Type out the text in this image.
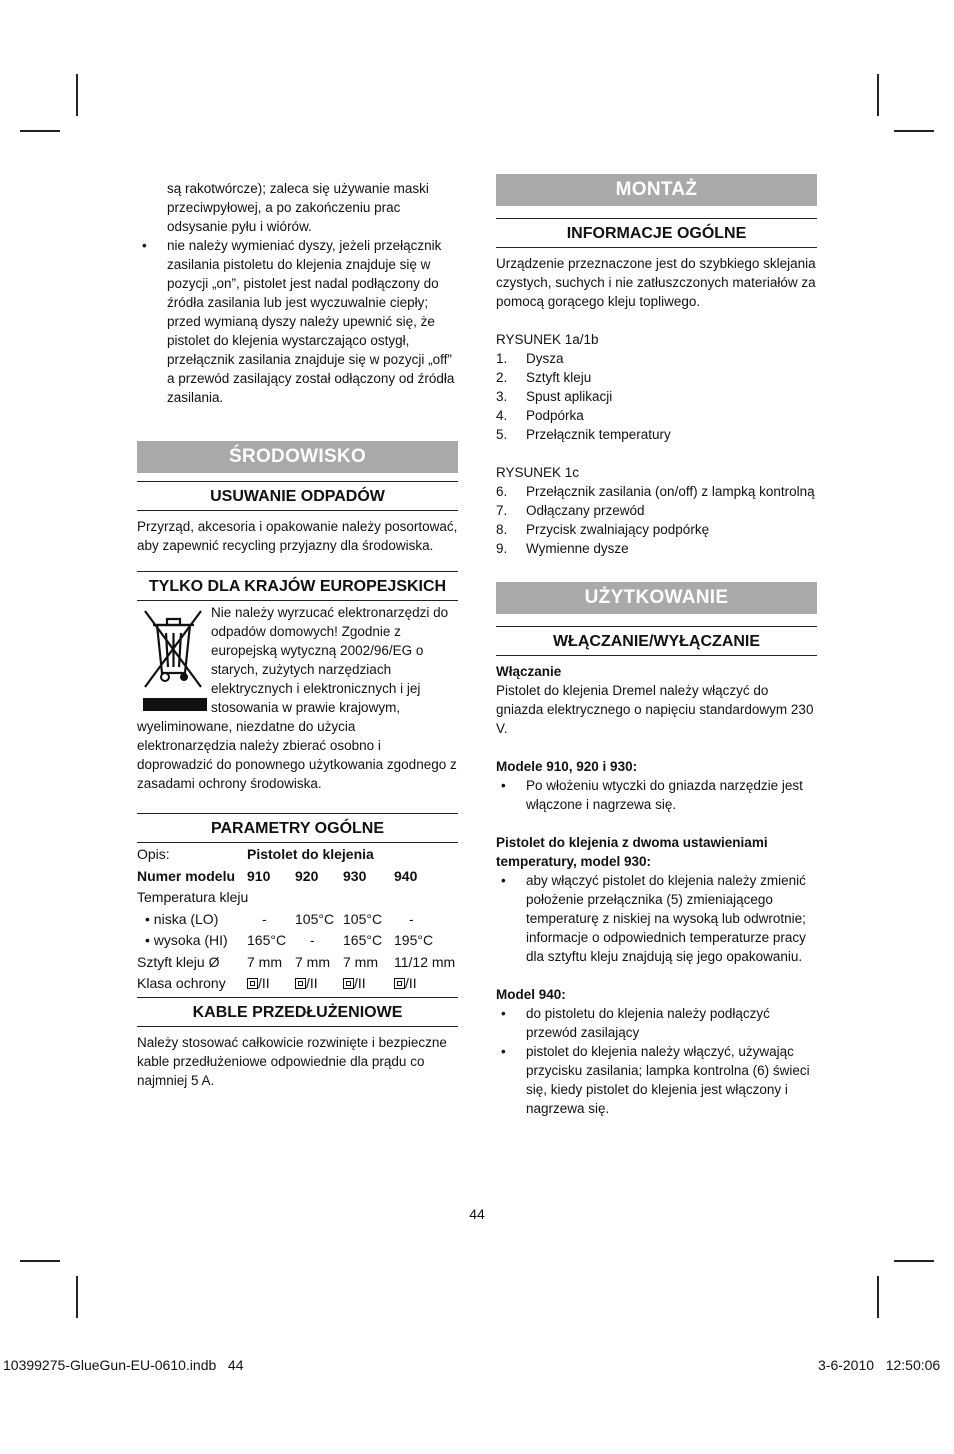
są rakotwórcze); zaleca się używanie maski przeciwpyłowej, a po zakończeniu prac odsysanie pyłu i wiórów.

• nie należy wymieniać dyszy, jeżeli przełącznik zasilania pistoletu do klejenia znajduje się w pozycji „on”, pistolet jest nadal podłączony do źródła zasilania lub jest wyczuwalnie ciepły; przed wymianą dyszy należy upewnić się, że pistolet do klejenia wystarczająco ostygł, przełącznik zasilania znajduje się w pozycji „off” a przewód zasilający został odłączony od źródła zasilania.
ŚRODOWISKO
USUWANIE ODPADÓW

Przyrząd, akcesoria i opakowanie należy posortować, aby zapewnić recycling przyjazny dla środowiska.

TYLKO DLA KRAJÓW EUROPEJSKICH

Nie należy wyrzucać elektronarzędzi do odpadów domowych! Zgodnie z europejską wytyczną 2002/96/EG o starych, zużytych narzędziach elektrycznych i elektronicznych i jej stosowania w prawie krajowym, wyeliminowane, niezdatne do użycia

elektronarzędzia należy zbierać osobno i doprowadzić do ponownego użytkowania zgodnego z zasadami ochrony środowiska.

PARAMETRY OGÓLNE
Opis:	Pistolet do klejenia			
Numer modelu	910	920	930	940
Temperatura kleju				
• niska (LO)	-	105°C	105°C	-
• wysoka (HI)	165°C	-	165°C	195°C
Sztyft kleju Ø	7 mm	7 mm	7 mm	11/12 mm
Klasa ochrony	/II	/II	/II	/II
KABLE PRZEDŁUŻENIOWE

Należy stosować całkowicie rozwinięte i bezpieczne kable przedłużeniowe odpowiednie dla prądu co najmniej 5 A.

MONTAŻ
INFORMACJE OGÓLNE

Urządzenie przeznaczone jest do szybkiego sklejania czystych, suchych i nie zatłuszczonych materiałów za pomocą gorącego kleju topliwego.

RYSUNEK 1a/1b

1. Dysza
2. Sztyft kleju
3. Spust aplikacji
4. Podpórka
5. Przełącznik temperatury

RYSUNEK 1c

6. Przełącznik zasilania (on/off) z lampką kontrolną
7. Odłączany przewód
8. Przycisk zwalniający podpórkę
9. Wymienne dysze
UŻYTKOWANIE
WŁĄCZANIE/WYŁĄCZANIE

Włączanie

Pistolet do klejenia Dremel należy włączyć do gniazda elektrycznego o napięciu standardowym 230 V.

Modele 910, 920 i 930:

• Po włożeniu wtyczki do gniazda narzędzie jest włączone i nagrzewa się.

Pistolet do klejenia z dwoma ustawieniami temperatury, model 930:

• aby włączyć pistolet do klejenia należy zmienić położenie przełącznika (5) zmieniającego temperaturę z niskiej na wysoką lub odwrotnie; informacje o odpowiednich temperaturze pracy dla sztyftu kleju znajdują się jego opakowaniu.

Model 940:

• do pistoletu do klejenia należy podłączyć przewód zasilający
• pistolet do klejenia należy włączyć, używając przycisku zasilania; lampka kontrolna (6) świeci się, kiedy pistolet do klejenia jest włączony i nagrzewa się.
44
10399275-GlueGun-EU-0610.indb   44	3-6-2010   12:50:06
